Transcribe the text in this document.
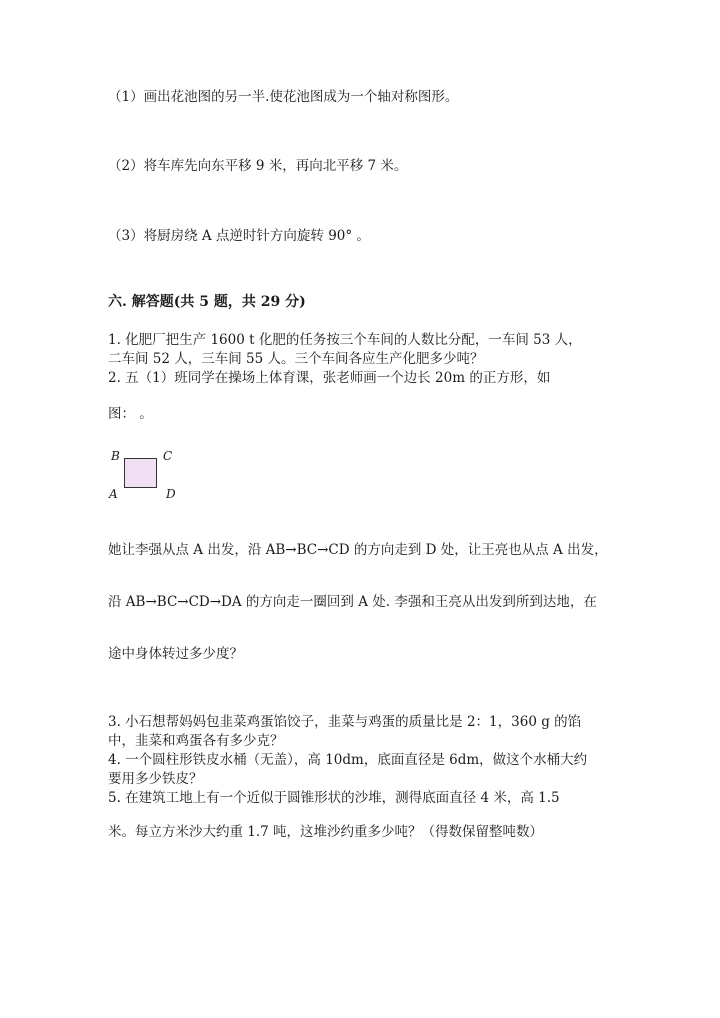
（1）画出花池图的另一半.使花池图成为一个轴对称图形。
（2）将车库先向东平移 9 米，再向北平移 7 米。
（3）将厨房绕 A 点逆时针方向旋转 90° 。
六. 解答题(共 5 题，共 29 分)
1. 化肥厂把生产 1600 t 化肥的任务按三个车间的人数比分配，一车间 53 人，
二车间 52 人，三车间 55 人。三个车间各应生产化肥多少吨？
2. 五（1）班同学在操场上体育课，张老师画一个边长 20m 的正方形，如
图： 。
B	C
A	D
她让李强从点 A 出发，沿 AB→BC→CD 的方向走到 D 处，让王亮也从点 A 出发，
沿 AB→BC→CD→DA 的方向走一圈回到 A 处. 李强和王亮从出发到所到达地，在
途中身体转过多少度？
3. 小石想帮妈妈包韭菜鸡蛋馅饺子，韭菜与鸡蛋的质量比是 2：1，360 g 的馅
中，韭菜和鸡蛋各有多少克？
4. 一个圆柱形铁皮水桶（无盖），高 10dm，底面直径是 6dm，做这个水桶大约
要用多少铁皮？
5. 在建筑工地上有一个近似于圆锥形状的沙堆，测得底面直径 4 米，高 1.5
米。每立方米沙大约重 1.7 吨，这堆沙约重多少吨？（得数保留整吨数）
